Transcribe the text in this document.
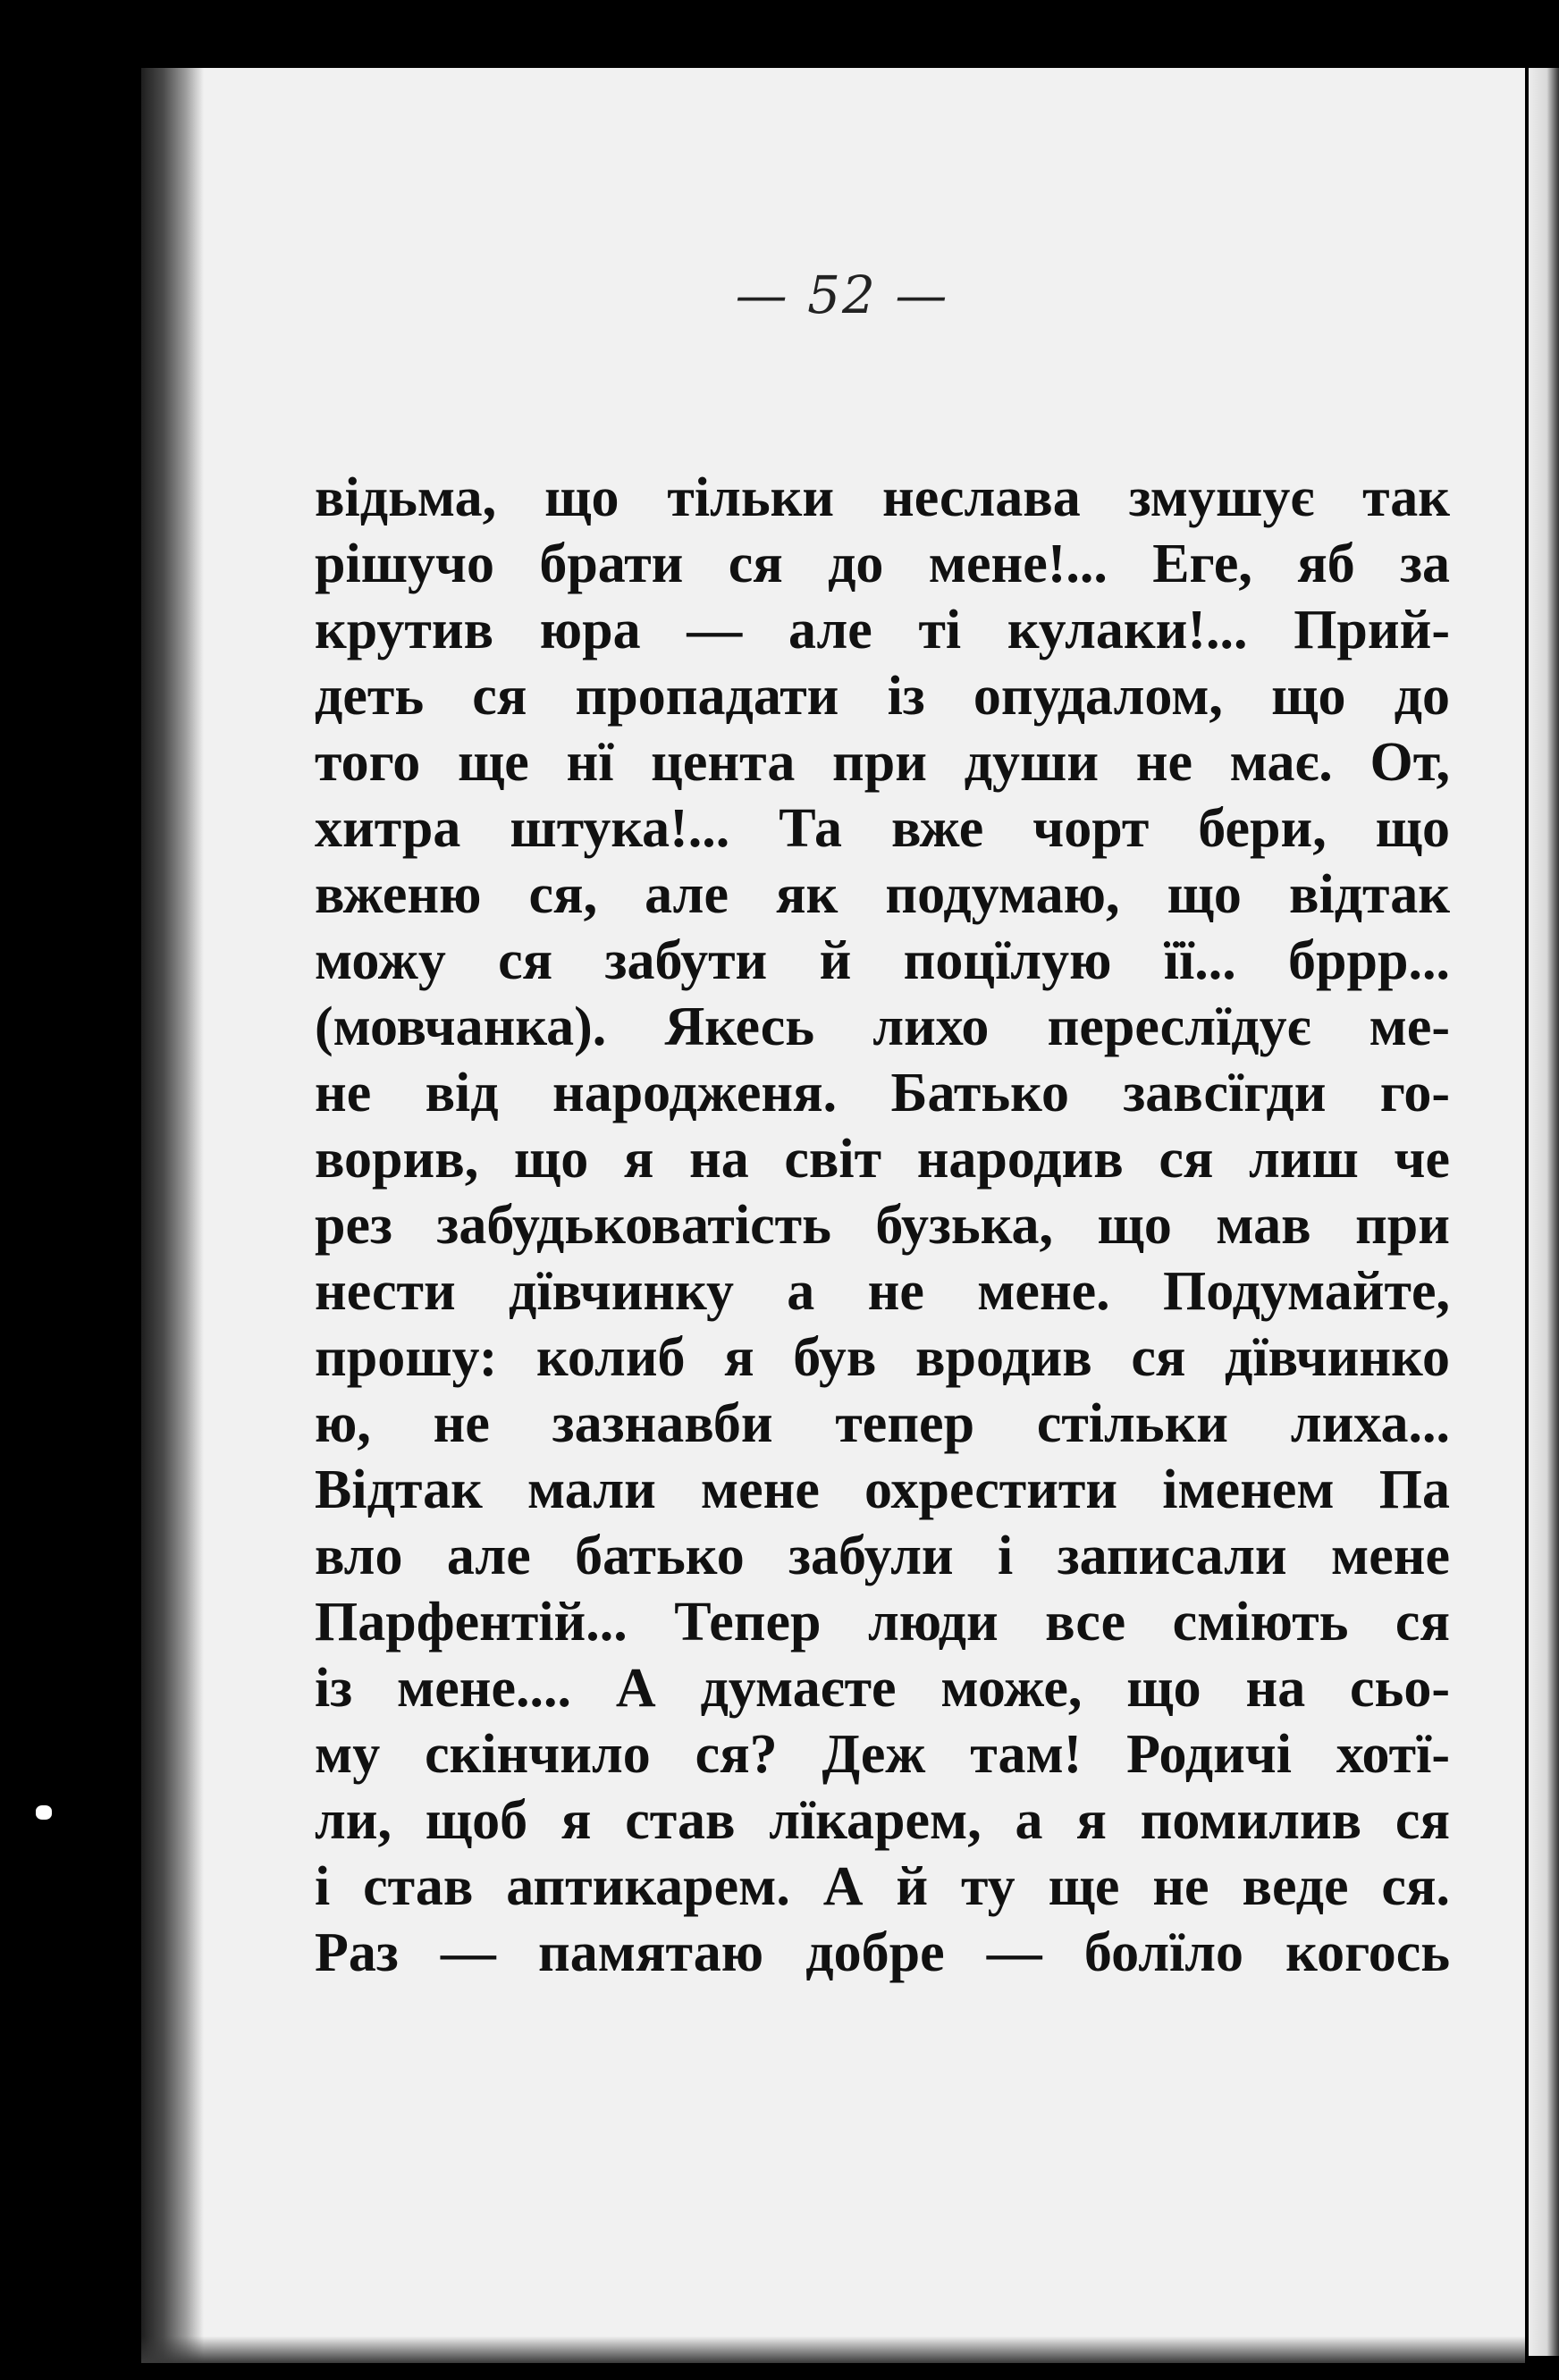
— 52 —
відьма, що тільки неслава змушує так
рішучо брати ся до мене!... Еге, яб за
крутив юра — але ті кулаки!... Прий-
деть ся пропадати із опудалом, що до
того ще нї цента при души не має. От,
хитра штука!... Та вже чорт бери, що
вженю ся, але як подумаю, що відтак
можу ся забути й поцїлую її... бррр...
(мовчанка). Якесь лихо переслїдує ме-
не від народженя. Батько завсїгди го-
ворив, що я на світ народив ся лиш че
рез забудьковатість бузька, що мав при
нести дївчинку а не мене. Подумайте,
прошу: колиб я був вродив ся дївчинко
ю, не зазнавби тепер стільки лиха...
Відтак мали мене охрестити іменем Па
вло але батько забули і записали мене
Парфентій... Тепер люди все сміють ся
із мене.... А думаєте може, що на сьо-
му скінчило ся? Деж там! Родичі хотї-
ли, щоб я став лїкарем, а я помилив ся
і став аптикарем. А й ту ще не веде ся.
Раз — памятаю добре — болїло когось
